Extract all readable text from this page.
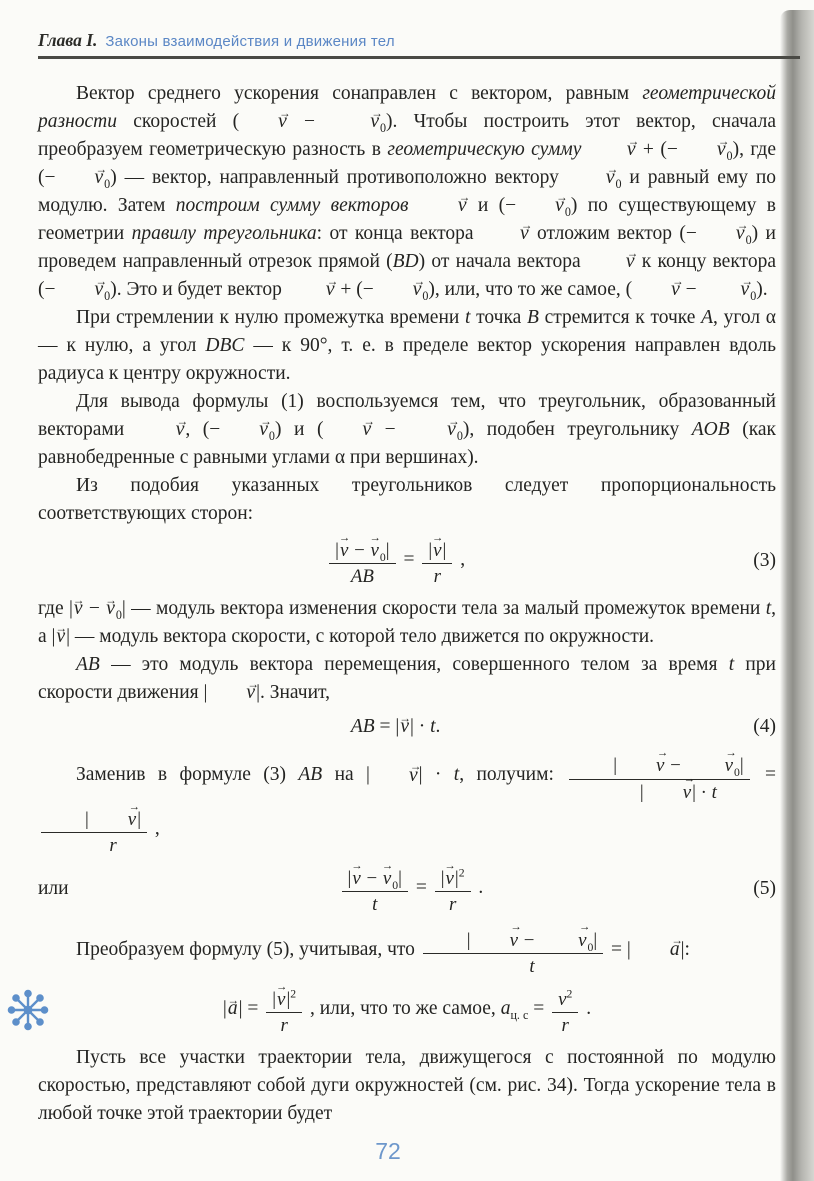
Глава I. Законы взаимодействия и движения тел

Вектор среднего ускорения сонаправлен с вектором, равным геометрической разности скоростей ( v → − $v \to_0$). Чтобы построить этот вектор, сначала преобразуем геометрическую разность в геометрическую сумму v → + (− $v \to_0$), где (− $v \to_0$) — вектор, направленный противоположно вектору $v \to_0$ и равный ему по модулю. Затем построим сумму векторов	v → и (− $v \to_0$) по существующему в геометрии правилу треугольника: от конца вектора v → отложим вектор (− $v \to_0$) и проведем направленный отрезок прямой (BD) от начала вектора v → к концу вектора (− $v \to_0$). Это и будет вектор v → + (− $v \to_0$), или, что то же самое, ( v → − $v \to_0$).

При стремлении к нулю промежутка времени t точка B стремится к точке A, угол α — к нулю, а угол DBC — к 90°, т. е. в пределе вектор ускорения направлен вдоль радиуса к центру окружности.

Для вывода формулы (1) воспользуемся тем, что треугольник, образованный векторами v →, (− $v \to_0$) и ( v → − $v \to_0$), подобен треугольнику AOB (как равнобедренные с равными углами α при вершинах).

Из подобия указанных треугольников следует пропорциональность соответствующих сторон:

$\frac{|v \to - v \to_0|}{AB} = \frac{|v \to|}{r}$ ,	(3)

где |v → − $v \to_0|$ — модуль вектора изменения скорости тела за малый промежуток времени t, а |v →| — модуль вектора скорости, с которой тело движется по окружности.

AB — это модуль вектора перемещения, совершенного телом за время t при скорости движения | v →|. Значит,

AB = |v →| · t.	(4)

Заменив в формуле (3) AB на | v →| · t, получим: $\frac{| v \to - v \to_0|}{| v \to| \cdot t}$ =
$\frac{| v \to|}{r}$ ,

или	$\frac{|v \to - v \to_0|}{t} = \frac{|v \to|^2}{r}$ .	(5)

Преобразуем формулу (5), учитывая, что $\frac{| v \to - v \to_0|}{t}$ = | a →|:

|a →| = $\frac{|v \to|^2}{r}$ , или, что то же самое, $a_{ц. с} = \frac{v^2}{r}$ .

Пусть все участки траектории тела, движущегося с постоянной по модулю скоростью, представляют собой дуги окружностей (см. рис. 34). Тогда ускорение тела в любой точке этой траектории будет

72
